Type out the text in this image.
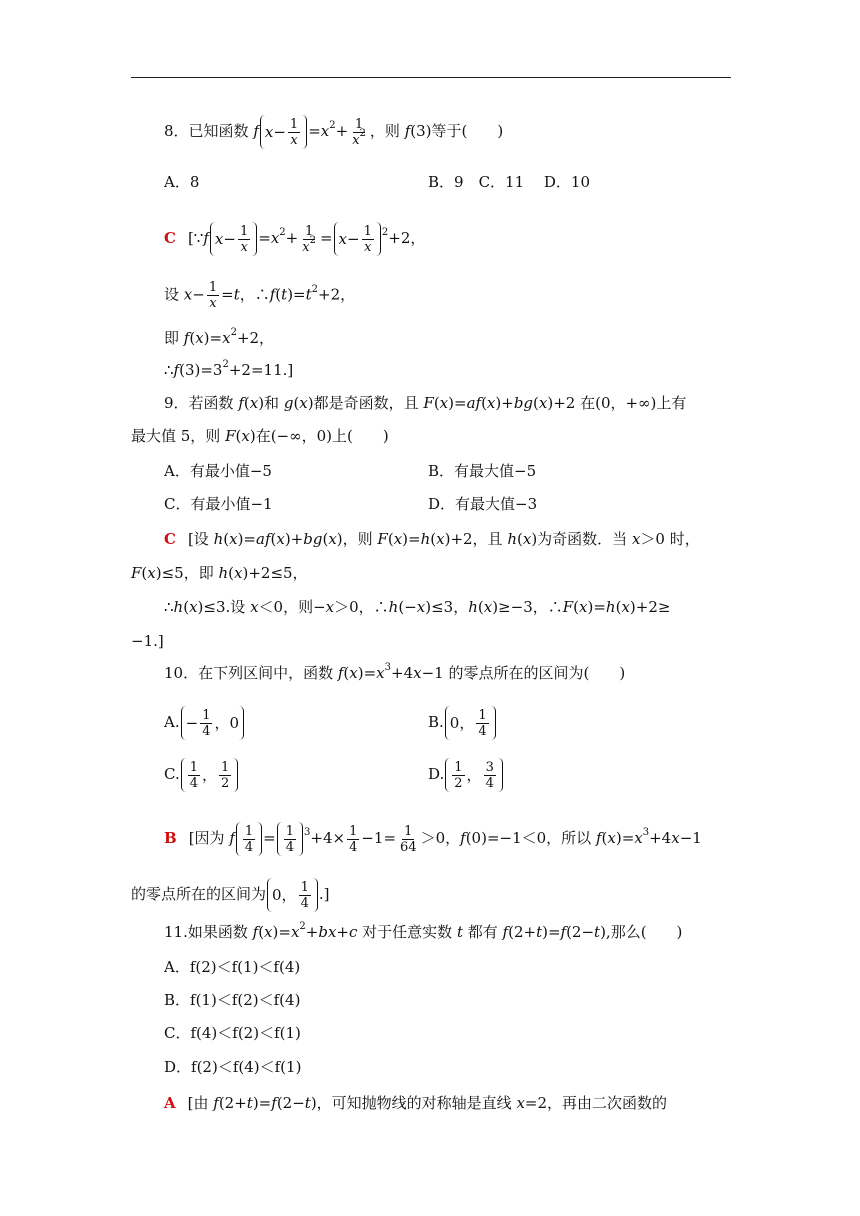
8．已知函数 f $x - \frac{1}{x} =x^2+ \frac{1}{x^2}$ ，则 f(3)等于(　　)
A．8	B．9　C．11　 D．10
C [∵f $x - \frac{1}{x} =x^2+ \frac{1}{x^2} = x - \frac{1}{x} ^2+2$，
设 $x- \frac{1}{x} =t$，$\therefore f(t)=t^2+2$，
即 $f(x)=x^2+2$，
$\therefore f(3)=3^2+2=11$.]
9．若函数 f(x)和 g(x)都是奇函数，且 F(x)=af(x)+bg(x)+2 在(0，+∞)上有
最大值 5，则 F(x)在(−∞，0)上(　　)
A．有最小值−5	B．有最大值−5
C．有最小值−1	D．有最大值−3
C [设 h(x)=af(x)+bg(x)，则 F(x)=h(x)+2，且 h(x)为奇函数．当 x＞0 时，
F(x)≤5，即 h(x)+2≤5，
∴h(x)≤3.设 x＜0，则−x＞0，∴h(−x)≤3，h(x)≥−3，∴F(x)=h(x)+2≥
−1.]
10．在下列区间中，函数 $f(x)=x^3+4x-1$ 的零点所在的区间为(　　)
A. − $\frac{1}{4}$ ，0	B. 0， $\frac{1}{4}$
C. $\frac{1}{4}$ ， $\frac{1}{2}$	D. $\frac{1}{2}$ ， $\frac{3}{4}$
B [因为 f $\frac{1}{4} = \frac{1}{4} ^3+4\times \frac{1}{4} -1= \frac{1}{64} >0$，f(0)=−1＜0，所以 $f(x)=x^3+4x-1$
的零点所在的区间为 0， $\frac{1}{4}$ .]
11.如果函数 $f(x)=x^2+bx+c$ 对于任意实数 t 都有 f(2+t)=f(2−t),那么(　　)
A．f(2)＜f(1)＜f(4)
B．f(1)＜f(2)＜f(4)
C．f(4)＜f(2)＜f(1)
D．f(2)＜f(4)＜f(1)
A [由 f(2+t)=f(2−t)，可知抛物线的对称轴是直线 x=2，再由二次函数的
